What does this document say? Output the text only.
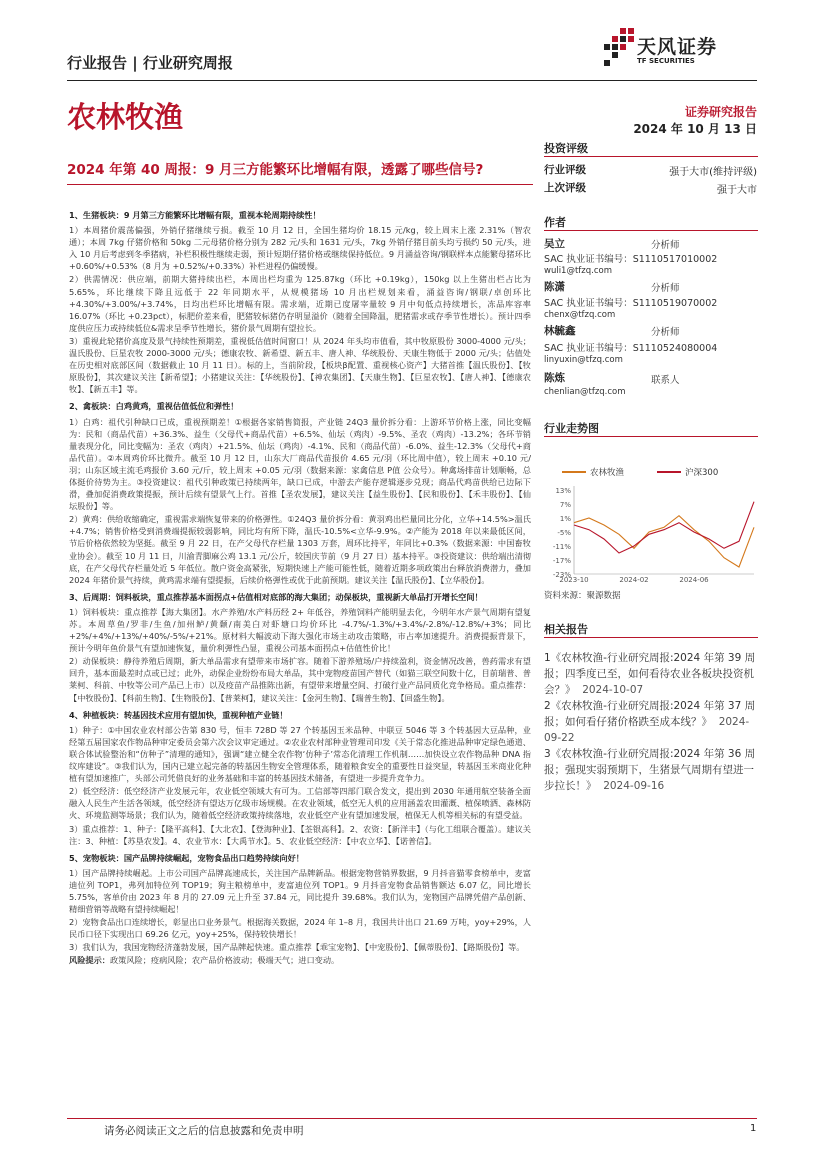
天风证券
TF SECURITIES
行业报告 | 行业研究周报
农林牧渔	证券研究报告
2024 年 10 月 13 日
2024 年第 40 周报：9 月三方能繁环比增幅有限，透露了哪些信号?

1、生猪板块：9 月第三方能繁环比增幅有限，重视本轮周期持续性！

1）本周猪价震荡偏强，外销仔猪继续亏损。截至 10 月 12 日，全国生猪均价 18.15 元/kg，较上周末上涨 2.31%（智农通）；本周 7kg 仔猪价格和 50kg 二元母猪价格分别为 282 元/头和 1631 元/头，7kg 外销仔猪目前头均亏损约 50 元/头，进入 10 月后考虑到冬季猪病，补栏积极性继续走弱，预计短期仔猪价格或继续保持低位。9 月涌益咨询/钢联样本点能繁母猪环比 +0.60%/+0.53%（8 月为 +0.52%/+0.33%）补栏进程仍偏缓慢。

2）供需情况：供应端，前期大猪持续出栏，本周出栏均重为 125.87kg（环比 +0.19kg），150kg 以上生猪出栏占比为 5.65%，环比继续下降且远低于 22 年同期水平，从规模猪场 10 月出栏规划来看，涌益咨询/钢联/卓创环比 +4.30%/+3.00%/+3.74%，日均出栏环比增幅有限。需求端，近期已度屠宰量较 9 月中旬低点持续增长，冻品库容率 16.07%（环比 +0.23pct），标肥价差来看，肥猪较标猪仍存明显溢价（随着全国降温，肥猪需求或存季节性增长）。预计四季度供应压力或持续低位&需求呈季节性增长，猪价景气周期有望拉长。

3）重视此轮猪价高度及景气持续性预期差，重视低估值时间窗口！从 2024 年头均市值看，其中牧原股份 3000-4000 元/头；温氏股份、巨星农牧 2000-3000 元/头；德康农牧、新希望、新五丰、唐人神、华统股份、天康生物低于 2000 元/头；估值处在历史相对底部区间（数据截止 10 月 11 日）。标的上，当前阶段，【板块β配置、重视核心资产】大猪首推【温氏股份】、【牧原股份】，其次建议关注【新希望】；小猪建议关注：【华统股份】、【神农集团】、【天康生物】、【巨星农牧】、【唐人神】、【德康农牧】、【新五丰】等。

2、禽板块：白鸡黄鸡，重视估值低位和弹性！

1）白鸡：祖代引种缺口已成，重视预期差！①根据各家销售简报，产业链 24Q3 量价拆分看：上游环节价格上涨，同比变幅为：民和（商品代苗）+36.3%、益生（父母代+商品代苗）+6.5%、仙坛（鸡肉）-9.5%、圣农（鸡肉）-13.2%；各环节销量表现分化，同比变幅为：圣农（鸡肉）+21.5%、仙坛（鸡肉）-4.1%、民和（商品代苗）-6.0%、益生-12.3%（父母代+商品代苗）。②本周鸡价环比微升。截至 10 月 12 日，山东大厂商品代苗报价 4.65 元/羽（环比周中值），较上周末 +0.10 元/羽；山东区域主流毛鸡报价 3.60 元/斤，较上周末 +0.05 元/羽（数据来源：家禽信息 P值 公众号）。种禽场排苗计划顺畅，总体挺价待势为主。③投资建议：祖代引种政策已持续两年，缺口已成，中游去产能存逻辑逐步兑现；商品代鸡苗供给已边际下滑，叠加促消费政策提振，预计后续有望景气上行。首推【圣农发展】，建议关注【益生股份】、【民和股份】、【禾丰股份】、【仙坛股份】等。

2）黄鸡：供给收缩确定，重视需求端恢复带来的价格弹性。①24Q3 量价拆分看：黄羽鸡出栏量同比分化，立华+14.5%>温氏+4.7%；销售价格受到消费端提振较弱影响，同比均有所下降，温氏-10.5%<立华-9.9%。②产能为 2018 年以来最低区间，节后价格依然较为坚挺。截至 9 月 22 日，在产父母代存栏量 1303 万套，周环比持平，年同比+0.3%（数据来源：中国畜牧业协会）。截至 10 月 11 日，川渝青脚麻公鸡 13.1 元/公斤，较国庆节前（9 月 27 日）基本持平。③投资建议：供给端出清彻底，在产父母代存栏量处近 5 年低位。散户资金高紧张，短期快速上产能可能性低，随着近期多项政策出台释放消费潜力，叠加 2024 年猪价景气持续，黄鸡需求端有望提振，后续价格弹性或优于此前预期。建议关注【温氏股份】、【立华股份】。

3、后周期：饲料板块，重点推荐基本面拐点+估值相对底部的海大集团；动保板块，重视新大单品打开增长空间！

1）饲料板块：重点推荐【海大集团】。水产养殖/水产料历经 2+ 年低谷，养殖饲料产能明显去化，今明年水产景气周期有望复苏。本周草鱼/罗非/生鱼/加州鲈/黄颡/南美白对虾塘口均价环比 -4.7%/-1.3%/+3.4%/-2.8%/-12.8%/+3%；同比+2%/+4%/+13%/+40%/-5%/+21%。原材料大幅波动下海大强化市场主动攻击策略，市占率加速提升。消费提振背景下，预计今明年鱼价景气有望加速恢复，量价利弹性凸显，重视公司基本面拐点+估值性价比！

2）动保板块：静待养殖后周期，新大单品需求有望带来市场扩容。随着下游养殖场/户持续盈利，资金情况改善，兽药需求有望回升，基本面最差时点或已过；此外，动保企业纷纷布局大单品，其中宠物疫苗国产替代（如猫三联空间数十亿，目前瑞普、普莱柯、科前、中牧等公司产品已上市）以及疫苗产品推陈出新，有望带来增量空间、打破行业产品同质化竞争格局。重点推荐：【中牧股份】、【科前生物】、【生物股份】、【普莱柯】，建议关注：【金河生物】、【瑞普生物】、【回盛生物】。

4、种植板块：转基因技术应用有望加快，重视种植产业链！

1）种子：①中国农业农村部公告第 830 号，恒丰 728D 等 27 个转基因玉米品种、中联豆 5046 等 3 个转基因大豆品种，业经第五届国家农作物品种审定委员会第六次会议审定通过。②农业农村部种业管理司印发《关于常态化推进品种审定绿色通道、联合体试验整治和“仿种子”清理的通知》，强调“建立健全农作物‘仿种子’常态化清理工作机制……加快设立农作物品种 DNA 指纹库建设”。③我们认为，国内已建立起完备的转基因生物安全管理体系，随着粮食安全的重要性日益突显，转基因玉米商业化种植有望加速推广，头部公司凭借良好的业务基础和丰富的转基因技术储备，有望进一步提升竞争力。

2）低空经济：低空经济产业发展元年，农业低空领域大有可为。工信部等四部门联合发文，提出到 2030 年通用航空装备全面融入人民生产生活各领域，低空经济有望达万亿级市场规模。在农业领域，低空无人机的应用涵盖农田灌溉、植保喷洒、森林防火、环境监测等场景；我们认为，随着低空经济政策持续落地，农业低空产业有望加速发展，植保无人机等相关标的有望受益。

3）重点推荐：1、种子：【隆平高科】、【大北农】、【登海种业】、【荃银高科】。2、农资：【新洋丰】（与化工组联合覆盖）。建议关注：3、种植：【苏垦农发】。4、农业节水：【大禹节水】。5、农业低空经济：【中农立华】、【诺普信】。

5、宠物板块：国产品牌持续崛起，宠物食品出口趋势持续向好！

1）国产品牌持续崛起。上市公司国产品牌高速成长，关注国产品牌新品。根据宠物营销界数据，9 月抖音猫零食榜单中，麦富迪位列 TOP1，弗列加特位列 TOP19；狗主粮榜单中，麦富迪位列 TOP1。9 月抖音宠物食品销售额达 6.07 亿，同比增长 5.75%，客单价由 2023 年 8 月的 27.09 元上升至 37.84 元，同比提升 39.68%。我们认为，宠物国产品牌凭借产品创新、精细营销等战略有望持续崛起！

2）宠物食品出口连续增长，彰显出口业务景气。根据海关数据，2024 年 1–8 月，我国共计出口 21.69 万吨，yoy+29%，人民币口径下实现出口 69.26 亿元，yoy+25%，保持较快增长！

3）我们认为，我国宠物经济蓬勃发展，国产品牌起快速。重点推荐【乖宝宠物】、【中宠股份】、【佩蒂股份】、【路斯股份】等。

风险提示：政策风险；疫病风险；农产品价格波动；极端天气；进口变动。

投资评级
行业评级	强于大市(维持评级)
上次评级	强于大市
作者
吴立	分析师
SAC 执业证书编号：S1110517010002
wuli1@tfzq.com
陈潇	分析师
SAC 执业证书编号：S1110519070002
chenx@tfzq.com
林毓鑫	分析师
SAC 执业证书编号：S1110524080004
linyuxin@tfzq.com
陈炼	联系人
chenlian@tfzq.com
行业走势图
农林牧渔	沪深300
13%
7%
1%
-5%
-11%
-17%
-23%
2023-10	2024-02	2024-06
资料来源：聚源数据
相关报告
1《农林牧渔-行业研究周报:2024 年第 39 周报；四季度已至，如何看待农业各板块投资机会？》 2024-10-07
2《农林牧渔-行业研究周报:2024 年第 37 周报；如何看仔猪价格跌至成本线？》 2024-09-22
3《农林牧渔-行业研究周报:2024 年第 36 周报；强现实弱预期下，生猪景气周期有望进一步拉长！》 2024-09-16
请务必阅读正文之后的信息披露和免责申明	1
